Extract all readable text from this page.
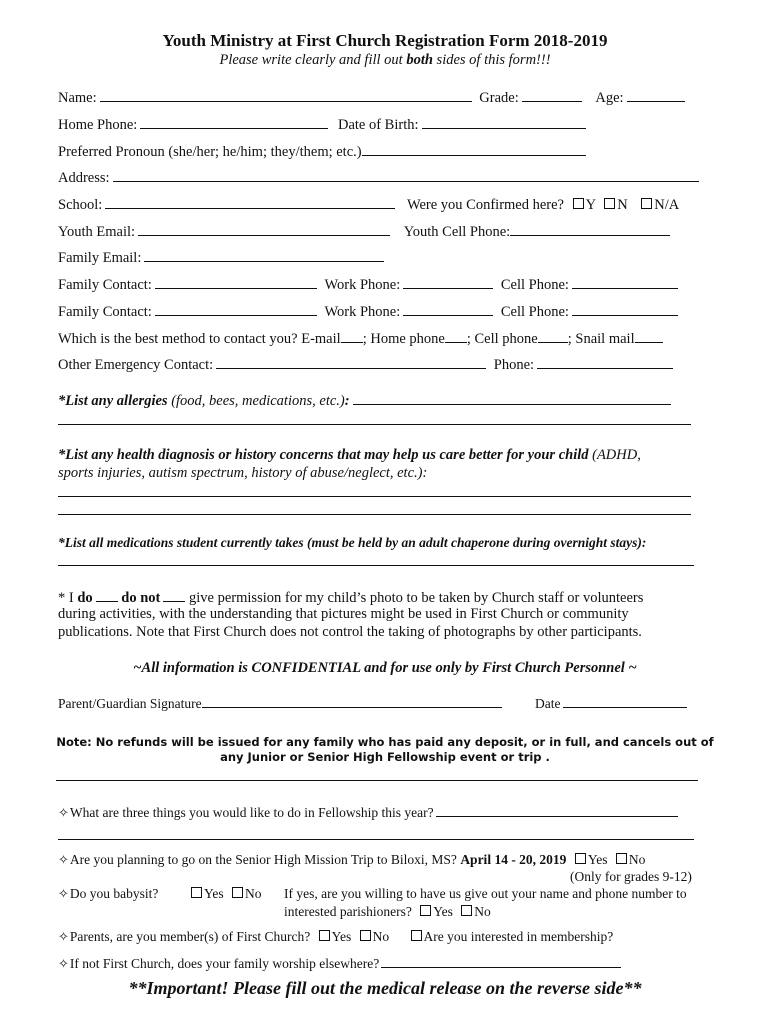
Youth Ministry at First Church Registration Form 2018-2019
Please write clearly and fill out both sides of this form!!!
Name:	Grade:	Age:
Home Phone:	Date of Birth:
Preferred Pronoun (she/her; he/him; they/them; etc.)
Address:
School:	Were you Confirmed here? Y N N/A
Youth Email:	Youth Cell Phone:
Family Email:
Family Contact:	Work Phone:	Cell Phone:
Family Contact:	Work Phone:	Cell Phone:
Which is the best method to contact you? E-mail ; Home phone ; Cell phone ; Snail mail
Other Emergency Contact:	Phone:
*List any allergies (food, bees, medications, etc.):
*List any health diagnosis or history concerns that may help us care better for your child (ADHD,
sports injuries, autism spectrum, history of abuse/neglect, etc.):
*List all medications student currently takes (must be held by an adult chaperone during overnight stays):
* I do do not give permission for my child’s photo to be taken by Church staff or volunteers
during activities, with the understanding that pictures might be used in First Church or community
publications. Note that First Church does not control the taking of photographs by other participants.
~All information is CONFIDENTIAL and for use only by First Church Personnel ~
Parent/Guardian Signature	Date
Note: No refunds will be issued for any family who has paid any deposit, or in full, and cancels out of
any Junior or Senior High Fellowship event or trip .
✧What are three things you would like to do in Fellowship this year?
✧Are you planning to go on the Senior High Mission Trip to Biloxi, MS? April 14 - 20, 2019 Yes No
(Only for grades 9-12)
✧Do you babysit?	Yes No If yes, are you willing to have us give out your name and phone number to
interested parishioners? Yes No
✧Parents, are you member(s) of First Church? Yes No	Are you interested in membership?
✧If not First Church, does your family worship elsewhere?
**Important! Please fill out the medical release on the reverse side**
